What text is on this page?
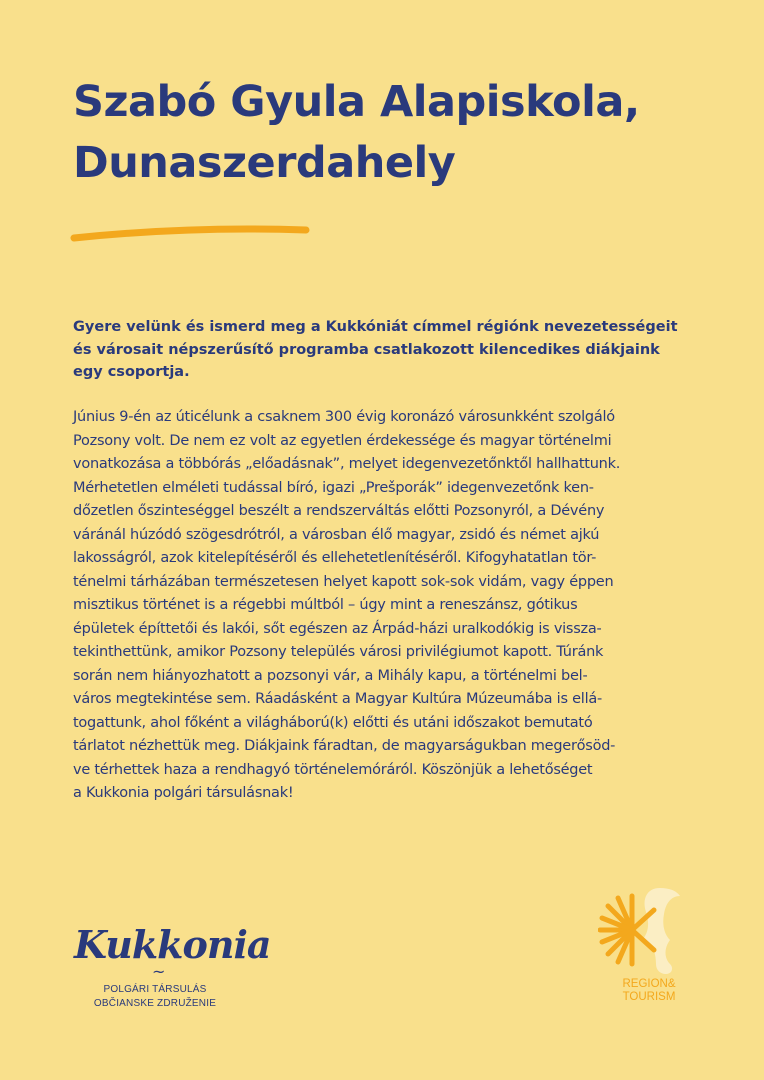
Szabó Gyula Alapiskola,
Dunaszerdahely

Gyere velünk és ismerd meg a Kukkóniát címmel régiónk nevezetességeit
és városait népszerűsítő programba csatlakozott kilencedikes diákjaink
egy csoportja.

Június 9-én az úticélunk a csaknem 300 évig koronázó városunkként szolgáló
Pozsony volt. De nem ez volt az egyetlen érdekessége és magyar történelmi
vonatkozása a többórás „előadásnak”, melyet idegenvezetőnktől hallhattunk.
Mérhetetlen elméleti tudással bíró, igazi „Prešporák” idegenvezetőnk ken-
dőzetlen őszinteséggel beszélt a rendszerváltás előtti Pozsonyról, a Dévény
váránál húzódó szögesdrótról, a városban élő magyar, zsidó és német ajkú
lakosságról, azok kitelepítéséről és ellehetetlenítéséről. Kifogyhatatlan tör-
ténelmi tárházában természetesen helyet kapott sok-sok vidám, vagy éppen
misztikus történet is a régebbi múltból – úgy mint a reneszánsz, gótikus
épületek építtetői és lakói, sőt egészen az Árpád-házi uralkodókig is vissza-
tekinthettünk, amikor Pozsony település városi privilégiumot kapott. Túránk
során nem hiányozhatott a pozsonyi vár, a Mihály kapu, a történelmi bel-
város megtekintése sem. Ráadásként a Magyar Kultúra Múzeumába is ellá-
togattunk, ahol főként a világháború(k) előtti és utáni időszakot bemutató
tárlatot nézhettük meg. Diákjaink fáradtan, de magyarságukban megerősöd-
ve térhettek haza a rendhagyó történelemóráról. Köszönjük a lehetőséget
a Kukkonia polgári társulásnak!

Kukkonia

~

POLGÁRI TÁRSULÁS

OBČIANSKE ZDRUŽENIE

REGION&

TOURISM
